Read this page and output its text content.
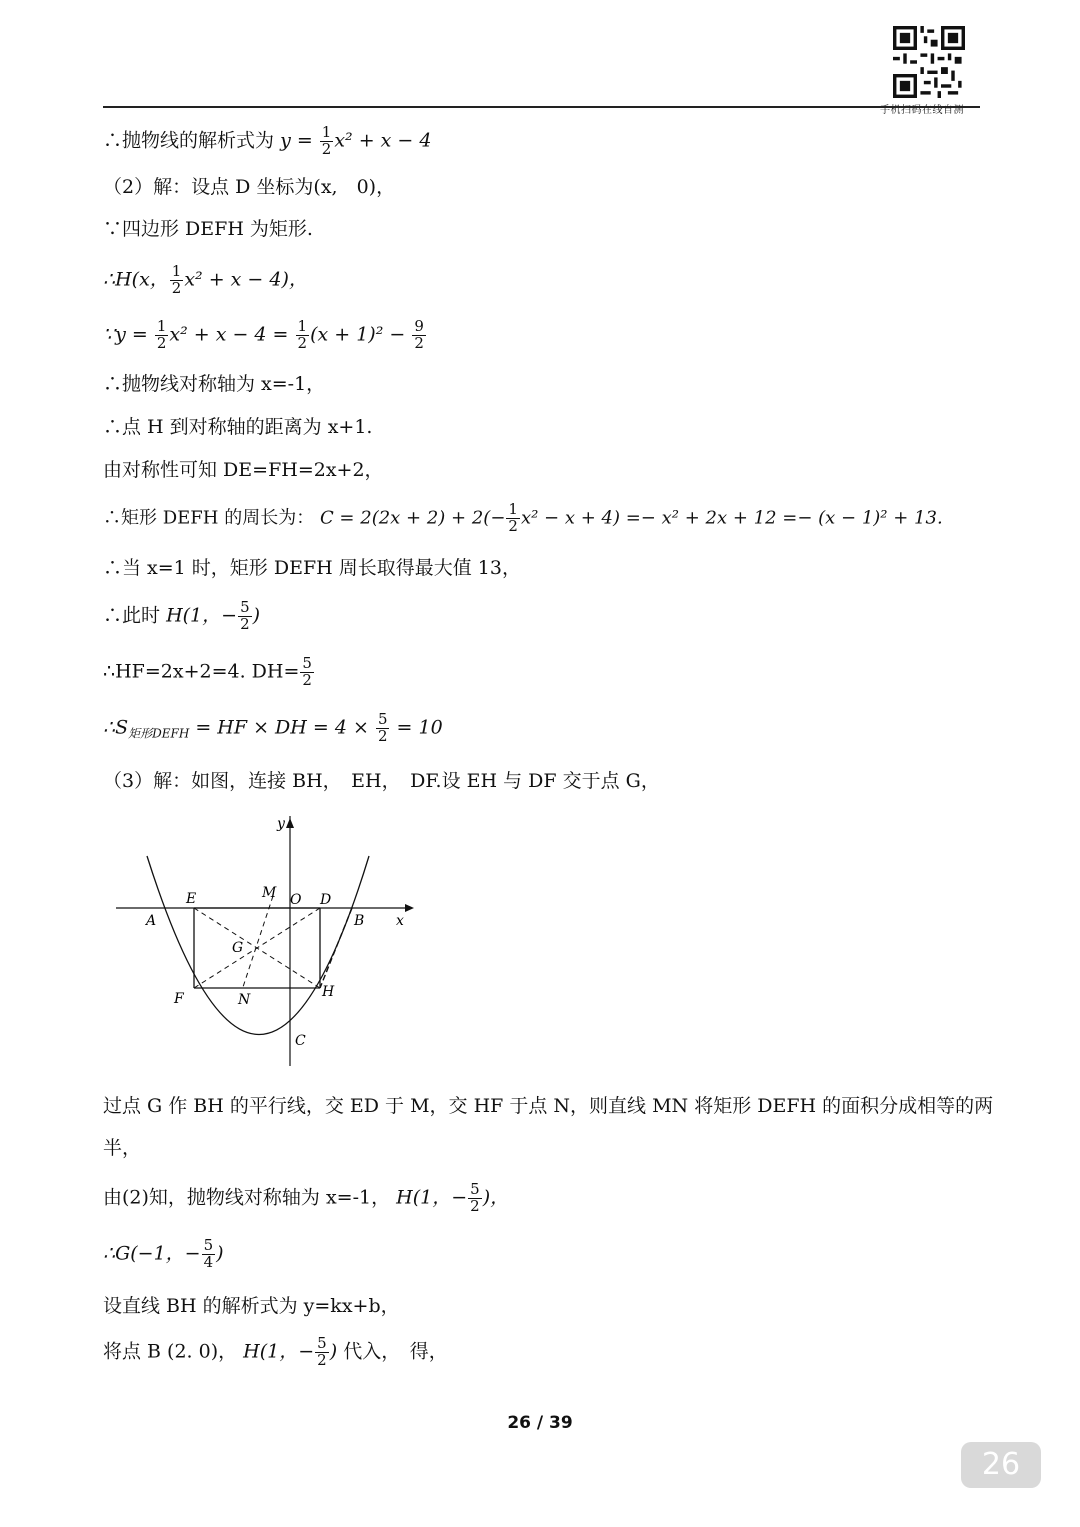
手机扫码在线自测
∴抛物线的解析式为 $y = \frac{1}{2} x^2 + x - 4$
（2）解：设点 D 坐标为(x,　0)，
∵四边形 DEFH 为矩形.
∴H(x， $\frac{1}{2} x^2 + x - 4$)，
∵y = $\frac{1}{2} x^2 + x - 4 = \frac{1}{2} (x + 1)^2 - \frac{9}{2}$
∴抛物线对称轴为 x=-1，
∴点 H 到对称轴的距离为 x+1.
由对称性可知 DE=FH=2x+2，
∴矩形 DEFH 的周长为： $C = 2(2x + 2) + 2(- \frac{1}{2} x^2 - x + 4) =- x^2 + 2x + 12 =- (x - 1)^2 + 13$.
∴当 x=1 时，矩形 DEFH 周长取得最大值 13，
∴此时 H(1，− $\frac{5}{2}$ )
∴HF=2x+2=4. $DH= \frac{5}{2}$
$\therefore S_{矩形DEFH}$ = HF × DH = $4 \times \frac{5}{2} = 10$
（3）解：如图，连接 BH，　EH，　DF.设 EH 与 DF 交于点 G，
y
x
E	M O D
A	B
G
F	N	H
C
过点 G 作 BH 的平行线，交 ED 于 M，交 HF 于点 N，则直线 MN 将矩形 DEFH 的面积分成相等的两
半，
由(2)知，抛物线对称轴为 x=-1， H(1，− $\frac{5}{2}$ )，
∴G(−1，− $\frac{5}{4}$ )
设直线 BH 的解析式为 y=kx+b，
将点 B (2. 0)， H(1，− $\frac{5}{2}$ ) 代入，　得，
26 / 39
26
